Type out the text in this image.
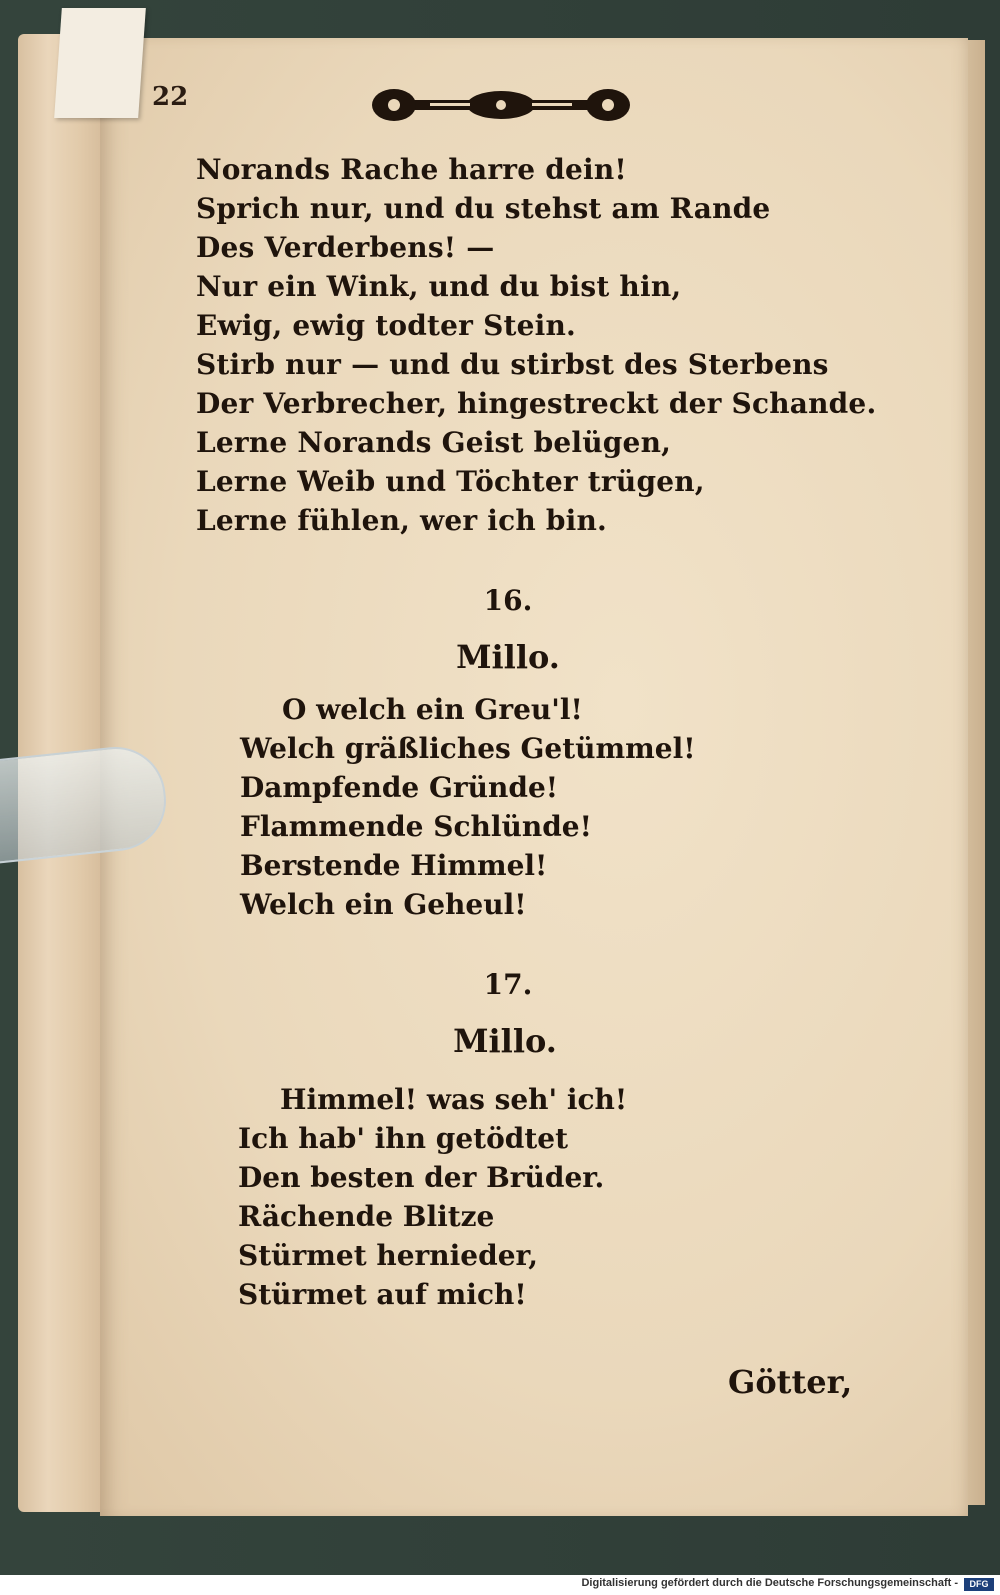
22
Norands Rache harre dein!
Sprich nur, und du stehst am Rande
Des Verderbens! —
Nur ein Wink, und du bist hin,
Ewig, ewig todter Stein.
Stirb nur — und du stirbst des Sterbens
Der Verbrecher, hingestreckt der Schande.
Lerne Norands Geist belügen,
Lerne Weib und Töchter trügen,
Lerne fühlen, wer ich bin.
16.
Millo.
O welch ein Greu'l!
Welch gräßliches Getümmel!
Dampfende Gründe!
Flammende Schlünde!
Berstende Himmel!
Welch ein Geheul!
17.
Millo.
Himmel! was seh' ich!
Ich hab' ihn getödtet
Den besten der Brüder.
Rächende Blitze
Stürmet hernieder,
Stürmet auf mich!
Götter,
Digitalisierung gefördert durch die Deutsche Forschungsgemeinschaft -	DFG
